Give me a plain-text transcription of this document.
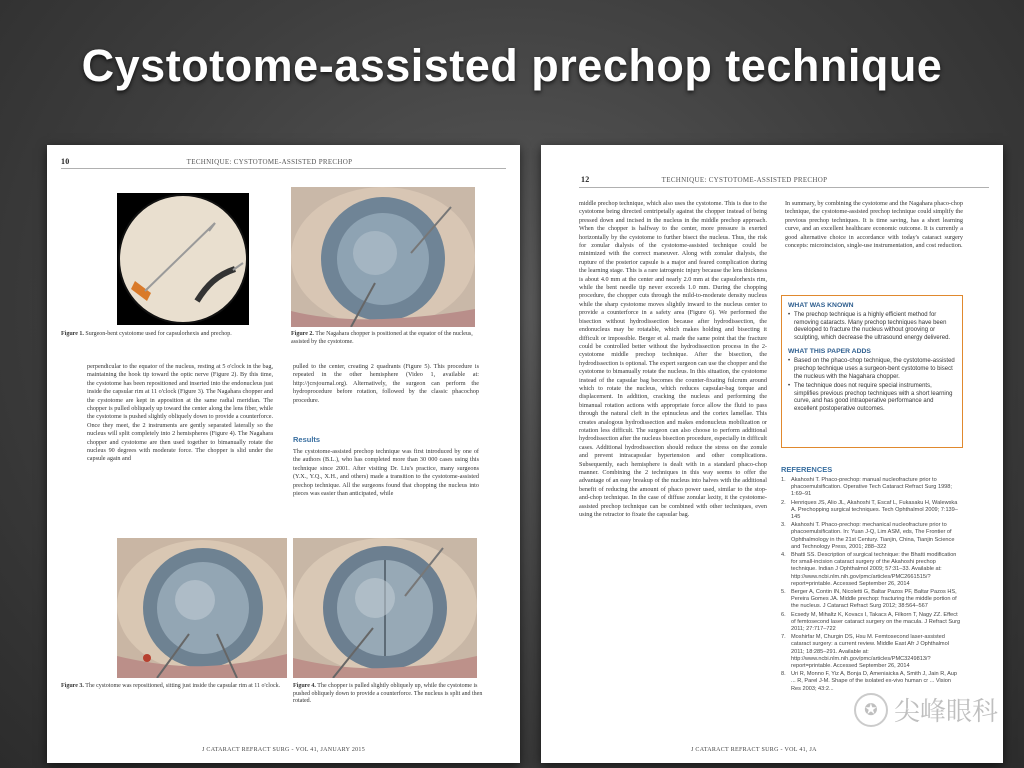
Cystotome-assisted prechop technique
10	TECHNIQUE: CYSTOTOME-ASSISTED PRECHOP
Figure 1. Surgeon-bent cystotome used for capsulorhexis and prechop.	Figure 2. The Nagahara chopper is positioned at the equator of the nucleus, assisted by the cystotome.
perpendicular to the equator of the nucleus, resting at 5 o'clock in the bag, maintaining the hook tip toward the optic nerve (Figure 2). By this time, the cystotome has been repositioned and inserted into the endonucleus just inside the capsular rim at 11 o'clock (Figure 3). The Nagahara chopper and the cystotome are kept in apposition at the same radial meridian. The chopper is pulled obliquely up toward the center along the lens fiber, while the cystotome is pushed slightly obliquely down to provide a counterforce. Once they meet, the 2 instruments are gently separated laterally so the nucleus will split completely into 2 hemispheres (Figure 4). The Nagahara chopper and cystotome are then used together to bimanually rotate the nucleus 90 degrees with moderate force. The chopper is slid under the capsule again and
pulled to the center, creating 2 quadrants (Figure 5). This procedure is repeated in the other hemisphere (Video 1, available at: http://jcrsjournal.org). Alternatively, the surgeon can perform the hydroprocedure before rotation, followed by the classic phacochop procedure.
Results
The cystotome-assisted prechop technique was first introduced by one of the authors (B.L.), who has completed more than 30 000 cases using this technique since 2001. After visiting Dr. Liu's practice, many surgeons (Y.X., Y.Q., X.H., and others) made a transition to the cystotome-assisted prechop technique. All the surgeons found that chopping the nucleus into pieces was easier than anticipated, while
Figure 3. The cystotome was repositioned, sitting just inside the capsular rim at 11 o'clock. Figure 4. The chopper is pulled slightly obliquely up, while the cystotome is pushed obliquely down to provide a counterforce. The nucleus is split and then rotated.
J CATARACT REFRACT SURG - VOL 41, JANUARY 2015
12	TECHNIQUE: CYSTOTOME-ASSISTED PRECHOP
middle prechop technique, which also uses the cystotome. This is due to the cystotome being directed centripetally against the chopper instead of being pressed down and incised in the nucleus in the middle prechop approach. When the chopper is halfway to the center, more pressure is exerted horizontally by the cystotome to further bisect the nucleus. Thus, the risk for zonular dialysis of the cystotome-assisted technique could be minimized with the correct maneuver. Along with zonular dialysis, the rupture of the posterior capsule is a major and feared complication during the learning stage. This is a rare iatrogenic injury because the lens thickness is about 4.0 mm at the center and nearly 2.0 mm at the capsulorhexis rim, while the bent needle tip never exceeds 1.0 mm. During the chopping procedure, the chopper cuts through the mild-to-moderate density nucleus while the sharp cystotome moves slightly inward to the nucleus center to provide a counterforce in a safety area (Figure 6). We performed the bisection without hydrodissection because after hydrodissection, the endonucleus may be rotatable, which makes holding and bisecting it difficult or impossible. Berger et al. made the same point that the fracture could be controlled better without the hydrodissection process in the 2-cystotome middle prechop technique. After the bisection, the hydrodissection is optional. The expert surgeon can use the chopper and the cystotome to bimanually rotate the nucleus. In this situation, the cystotome instead of the capsular bag becomes the counter-fixating fulcrum around which to rotate the nucleus, which reduces capsular-bag torque and displacement. In addition, cracking the nucleus and performing the bimanual rotation actions with appropriate force allow the fluid to pass through the natural cleft in the epinucleus and the cortex lamellae. This creates analogous hydrodissection and makes endonucleus mobilization or rotation less difficult. The surgeon can also choose to perform additional hydrodissection after the nucleus bisection procedure, especially in difficult cases. Additional hydrodissection should reduce the stress on the zonule and prevent intracapsular hypertension and other complications. Subsequently, each hemisphere is dealt with in a standard phaco-chop manner. Combining the 2 techniques in this way seems to offer the advantage of an easy breakup of the nucleus into halves with the additional benefit of reducing the amount of phaco power used, similar to the stop-and-chop technique. In the case of diffuse zonular laxity, it the cystotome-assisted prechop technique can be combined with other techniques, even using the retractor to fixate the capsular bag.
In summary, by combining the cystotome and the Nagahara phaco-chop technique, the cystotome-assisted prechop technique could simplify the previous prechop techniques. It is time saving, has a short learning curve, and an excellent healthcare economic outcome. It is currently a good alternative choice in accordance with today's cataract surgery concepts: microincision, single-use instrumentation, and cost reduction.
WHAT WAS KNOWN
• The prechop technique is a highly efficient method for removing cataracts. Many prechop techniques have been developed to fracture the nucleus without grooving or sculpting, which decrease the ultrasound energy delivered.
WHAT THIS PAPER ADDS
• Based on the phaco-chop technique, the cystotome-assisted prechop technique uses a surgeon-bent cystotome to bisect the nucleus with the Nagahara chopper.
• The technique does not require special instruments, simplifies previous prechop techniques with a short learning curve, and has good intraoperative performance and excellent postoperative outcomes.
REFERENCES
1. Akahoshi T. Phaco-prechop: manual nucleofracture prior to phacoemulsification. Operative Tech Cataract Refract Surg 1998; 1:69–91
2. Henriques JS, Alio JL, Akahoshi T, Escaf L, Fukasaku H, Walewska A. Prechopping surgical techniques. Tech Ophthalmol 2009; 7:139–145
3. Akahoshi T. Phaco-prechop: mechanical nucleofracture prior to phacoemulsification. In: Yuan J-Q, Lim ASM, eds, The Frontier of Ophthalmology in the 21st Century. Tianjin, China, Tianjin Science and Technology Press, 2001; 288–322
4. Bhatti SS. Description of surgical technique: the Bhatti modification for small-incision cataract surgery of the Akahoshi prechop technique. Indian J Ophthalmol 2009; 57:31–33. Available at: http://www.ncbi.nlm.nih.gov/pmc/articles/PMC2661515/?report=printable. Accessed September 26, 2014
5. Berger A, Contin IN, Nicoletti G, Baltar Pazos PF, Baltar Pazos HS, Pereira Gomes JA. Middle prechop: fracturing the middle portion of the nucleus. J Cataract Refract Surg 2012; 38:564–567
6. Ecsedy M, Mihaltz K, Kovacs I, Takacs A, Filkorn T, Nagy ZZ. Effect of femtosecond laser cataract surgery on the macula. J Refract Surg 2011; 27:717–722
7. Moshirfar M, Churgin DS, Hsu M. Femtosecond laser-assisted cataract surgery: a current review. Middle East Afr J Ophthalmol 2011; 18:285–291. Available at: http://www.ncbi.nlm.nih.gov/pmc/articles/PMC3249813/?report=printable. Accessed September 26, 2014
8. Uri R, Monno F, Yiz A, Bonja D, Ameniaicka A, Smith J, Jain R, Aup ... R, Parel J-M. Shape of the isolated ex-vivo human cr ... Vision Res 2003; 43:2...
J CATARACT REFRACT SURG - VOL 41, JA
✪ 尖峰眼科
